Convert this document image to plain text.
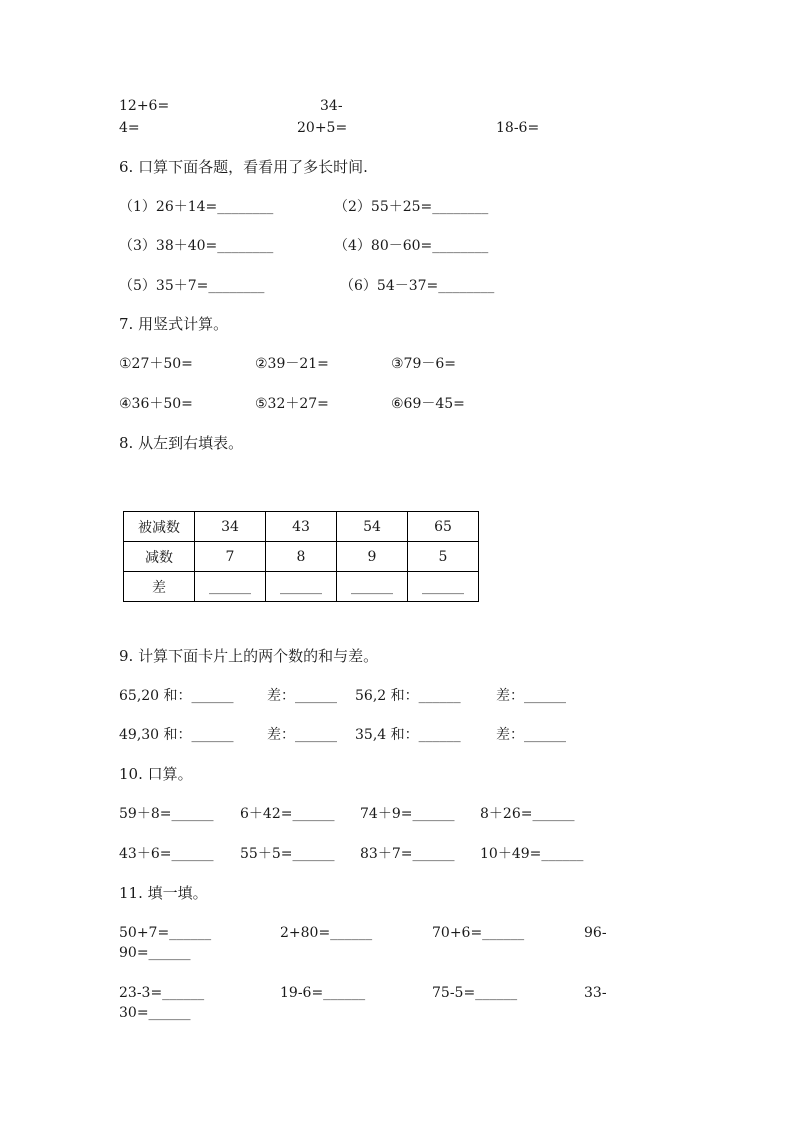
12+6=	34-
4=	20+5=	18-6=
6. 口算下面各题，看看用了多长时间.
（1）26＋14=________	（2）55＋25=________
（3）38＋40=________	（4）80－60=________
（5）35＋7=________	（6）54－37=________
7. 用竖式计算。
①27＋50=	②39－21=	③79－6=
④36＋50=	⑤32＋27=	⑥69－45=
8. 从左到右填表。
被减数	34	43	54	65
减数	7	8	9	5
差	______	______	______	______
9. 计算下面卡片上的两个数的和与差。
65,20 和：______ 差：______ 56,2 和：______	差：______
49,30 和：______ 差：______ 35,4 和：______	差：______
10. 口算。
59＋8=______ 6＋42=______ 74＋9=______ 8＋26=______
43＋6=______ 55＋5=______ 83＋7=______ 10＋49=______
11. 填一填。
50+7=______	2+80=______	70+6=______	96-
90=______
23-3=______	19-6=______	75-5=______	33-
30=______
